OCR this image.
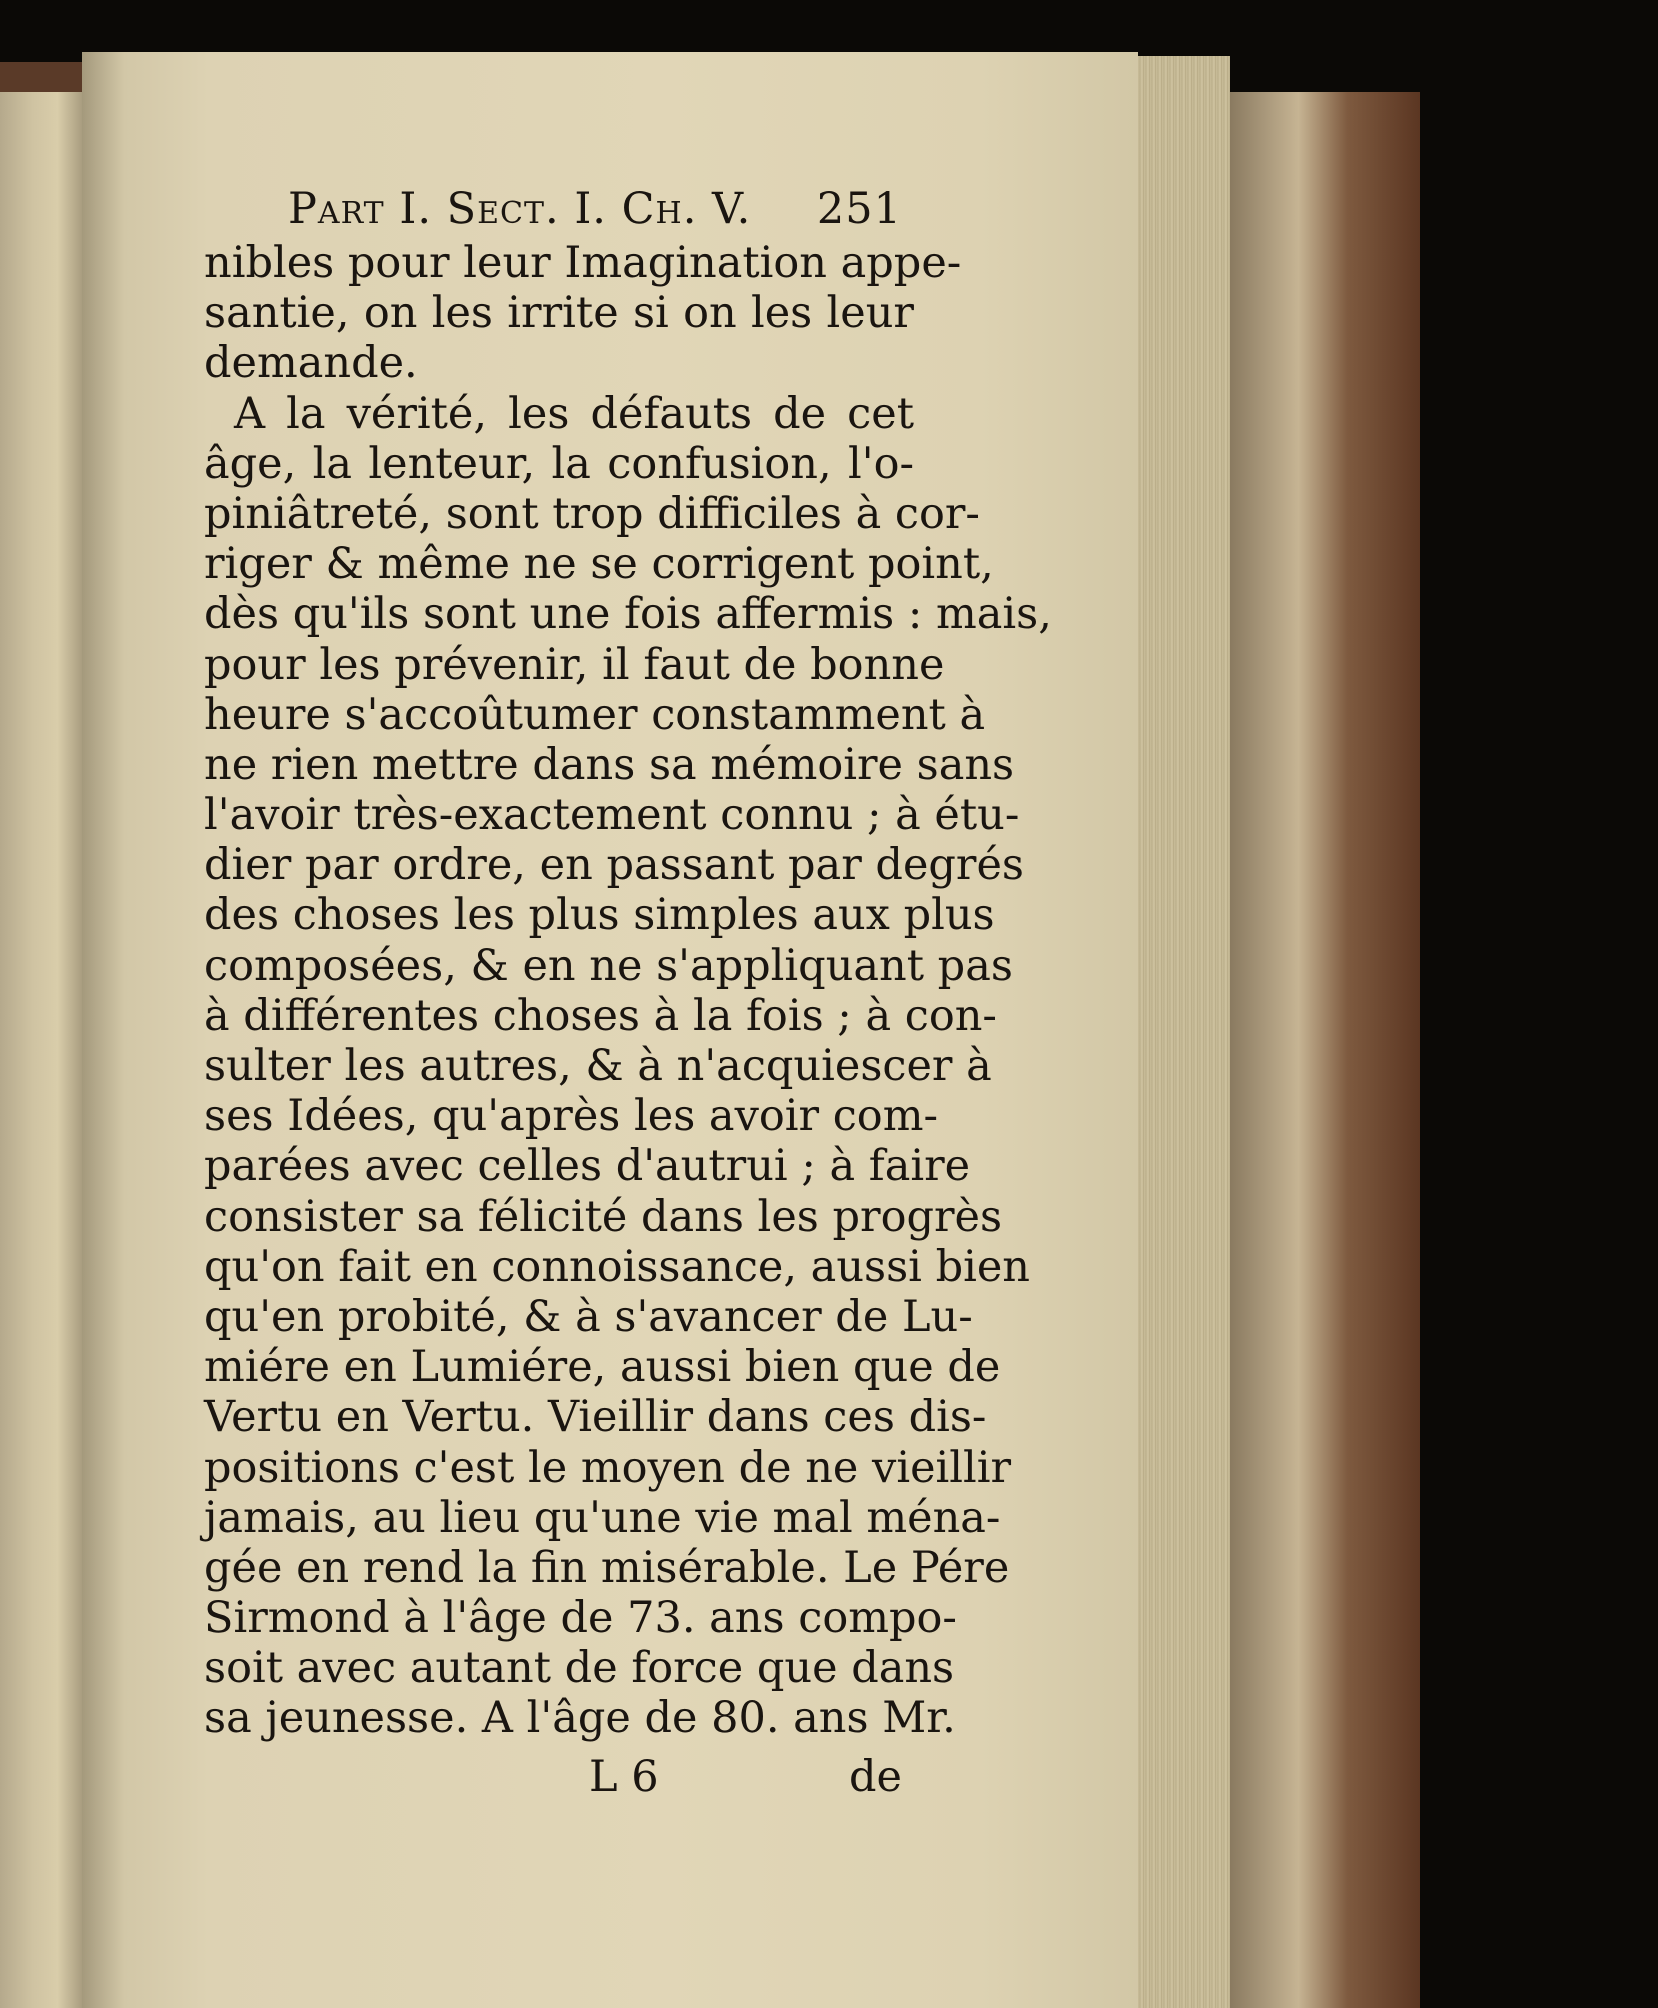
Part I. Sect. I. Ch. V. 251
nibles pour leur Imagination appe-
santie, on les irrite si on les leur
demande.
A la vérité, les défauts de cet
âge, la lenteur, la confusion, l'o-
piniâtreté, sont trop difficiles à cor-
riger & même ne se corrigent point,
dès qu'ils sont une fois affermis : mais,
pour les prévenir, il faut de bonne
heure s'accoûtumer constamment à
ne rien mettre dans sa mémoire sans
l'avoir très-exactement connu ; à étu-
dier par ordre, en passant par degrés
des choses les plus simples aux plus
composées, & en ne s'appliquant pas
à différentes choses à la fois ; à con-
sulter les autres, & à n'acquiescer à
ses Idées, qu'après les avoir com-
parées avec celles d'autrui ; à faire
consister sa félicité dans les progrès
qu'on fait en connoissance, aussi bien
qu'en probité, & à s'avancer de Lu-
miére en Lumiére, aussi bien que de
Vertu en Vertu. Vieillir dans ces dis-
positions c'est le moyen de ne vieillir
jamais, au lieu qu'une vie mal ména-
gée en rend la fin misérable. Le Pére
Sirmond à l'âge de 73. ans compo-
soit avec autant de force que dans
sa jeunesse. A l'âge de 80. ans Mr.
L 6	de
